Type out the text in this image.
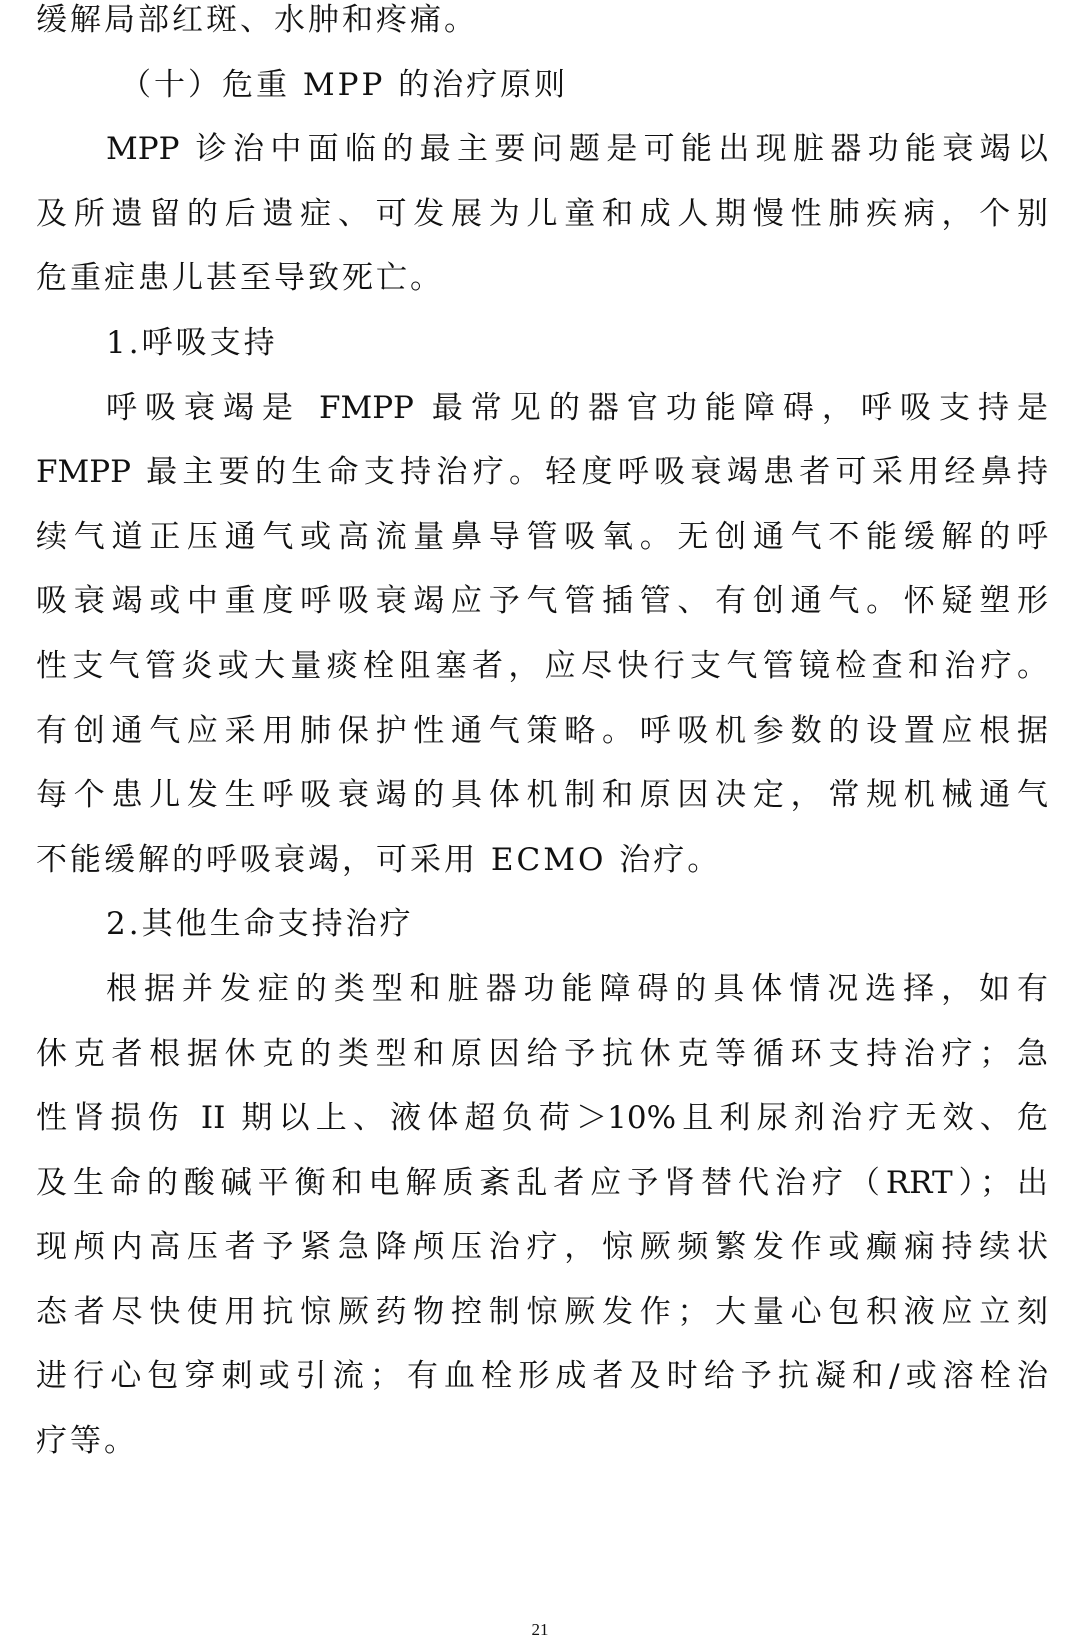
缓解局部红斑、水肿和疼痛。
（十）危重 MPP 的治疗原则
MPP 诊治中面临的最主要问题是可能出现脏器功能衰竭以
及所遗留的后遗症、可发展为儿童和成人期慢性肺疾病，个别
危重症患儿甚至导致死亡。
1.呼吸支持
呼吸衰竭是 FMPP 最常见的器官功能障碍，呼吸支持是
FMPP 最主要的生命支持治疗。轻度呼吸衰竭患者可采用经鼻持
续气道正压通气或高流量鼻导管吸氧。无创通气不能缓解的呼
吸衰竭或中重度呼吸衰竭应予气管插管、有创通气。怀疑塑形
性支气管炎或大量痰栓阻塞者，应尽快行支气管镜检查和治疗。
有创通气应采用肺保护性通气策略。呼吸机参数的设置应根据
每个患儿发生呼吸衰竭的具体机制和原因决定，常规机械通气
不能缓解的呼吸衰竭，可采用 ECMO 治疗。
2.其他生命支持治疗
根据并发症的类型和脏器功能障碍的具体情况选择，如有
休克者根据休克的类型和原因给予抗休克等循环支持治疗；急
性肾损伤 II 期以上、液体超负荷＞10%且利尿剂治疗无效、危
及生命的酸碱平衡和电解质紊乱者应予肾替代治疗（RRT）；出
现颅内高压者予紧急降颅压治疗，惊厥频繁发作或癫痫持续状
态者尽快使用抗惊厥药物控制惊厥发作；大量心包积液应立刻
进行心包穿刺或引流；有血栓形成者及时给予抗凝和/或溶栓治
疗等。
21
